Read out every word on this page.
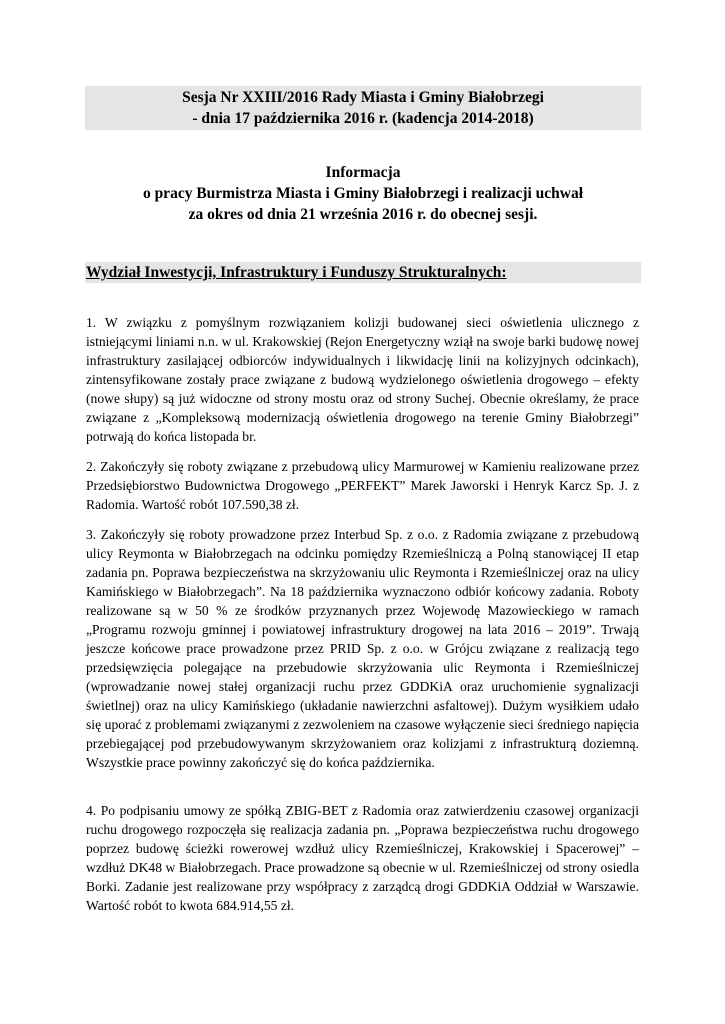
Sesja Nr XXIII/2016 Rady Miasta i Gminy Białobrzegi
- dnia 17 października 2016 r. (kadencja 2014-2018)
Informacja
o pracy Burmistrza Miasta i Gminy Białobrzegi i realizacji uchwał
za okres od dnia 21 września 2016 r. do obecnej sesji.
Wydział Inwestycji, Infrastruktury i Funduszy Strukturalnych:

1. W związku z pomyślnym rozwiązaniem kolizji budowanej sieci oświetlenia ulicznego z istniejącymi liniami n.n. w ul. Krakowskiej (Rejon Energetyczny wziął na swoje barki budowę nowej infrastruktury zasilającej odbiorców indywidualnych i likwidację linii na kolizyjnych odcinkach), zintensyfikowane zostały prace związane z budową wydzielonego oświetlenia drogowego – efekty (nowe słupy) są już widoczne od strony mostu oraz od strony Suchej. Obecnie określamy, że prace związane z „Kompleksową modernizacją oświetlenia drogowego na terenie Gminy Białobrzegi” potrwają do końca listopada br.

2. Zakończyły się roboty związane z przebudową ulicy Marmurowej w Kamieniu realizowane przez Przedsiębiorstwo Budownictwa Drogowego „PERFEKT” Marek Jaworski i Henryk Karcz Sp. J. z Radomia. Wartość robót 107.590,38 zł.

3. Zakończyły się roboty prowadzone przez Interbud Sp. z o.o. z Radomia związane z przebudową ulicy Reymonta w Białobrzegach na odcinku pomiędzy Rzemieślniczą a Polną stanowiącej II etap zadania pn. Poprawa bezpieczeństwa na skrzyżowaniu ulic Reymonta i Rzemieślniczej oraz na ulicy Kamińskiego w Białobrzegach”. Na 18 października wyznaczono odbiór końcowy zadania. Roboty realizowane są w 50 % ze środków przyznanych przez Wojewodę Mazowieckiego w ramach „Programu rozwoju gminnej i powiatowej infrastruktury drogowej na lata 2016 – 2019”. Trwają jeszcze końcowe prace prowadzone przez PRID Sp. z o.o. w Grójcu związane z realizacją tego przedsięwzięcia polegające na przebudowie skrzyżowania ulic Reymonta i Rzemieślniczej (wprowadzanie nowej stałej organizacji ruchu przez GDDKiA oraz uruchomienie sygnalizacji świetlnej) oraz na ulicy Kamińskiego (układanie nawierzchni asfaltowej). Dużym wysiłkiem udało się uporać z problemami związanymi z zezwoleniem na czasowe wyłączenie sieci średniego napięcia przebiegającej pod przebudowywanym skrzyżowaniem oraz kolizjami z infrastrukturą doziemną. Wszystkie prace powinny zakończyć się do końca października.

4. Po podpisaniu umowy ze spółką ZBIG-BET z Radomia oraz zatwierdzeniu czasowej organizacji ruchu drogowego rozpoczęła się realizacja zadania pn. „Poprawa bezpieczeństwa ruchu drogowego poprzez budowę ścieżki rowerowej wzdłuż ulicy Rzemieślniczej, Krakowskiej i Spacerowej” – wzdłuż DK48 w Białobrzegach. Prace prowadzone są obecnie w ul. Rzemieślniczej od strony osiedla Borki. Zadanie jest realizowane przy współpracy z zarządcą drogi GDDKiA Oddział w Warszawie. Wartość robót to kwota 684.914,55 zł.
